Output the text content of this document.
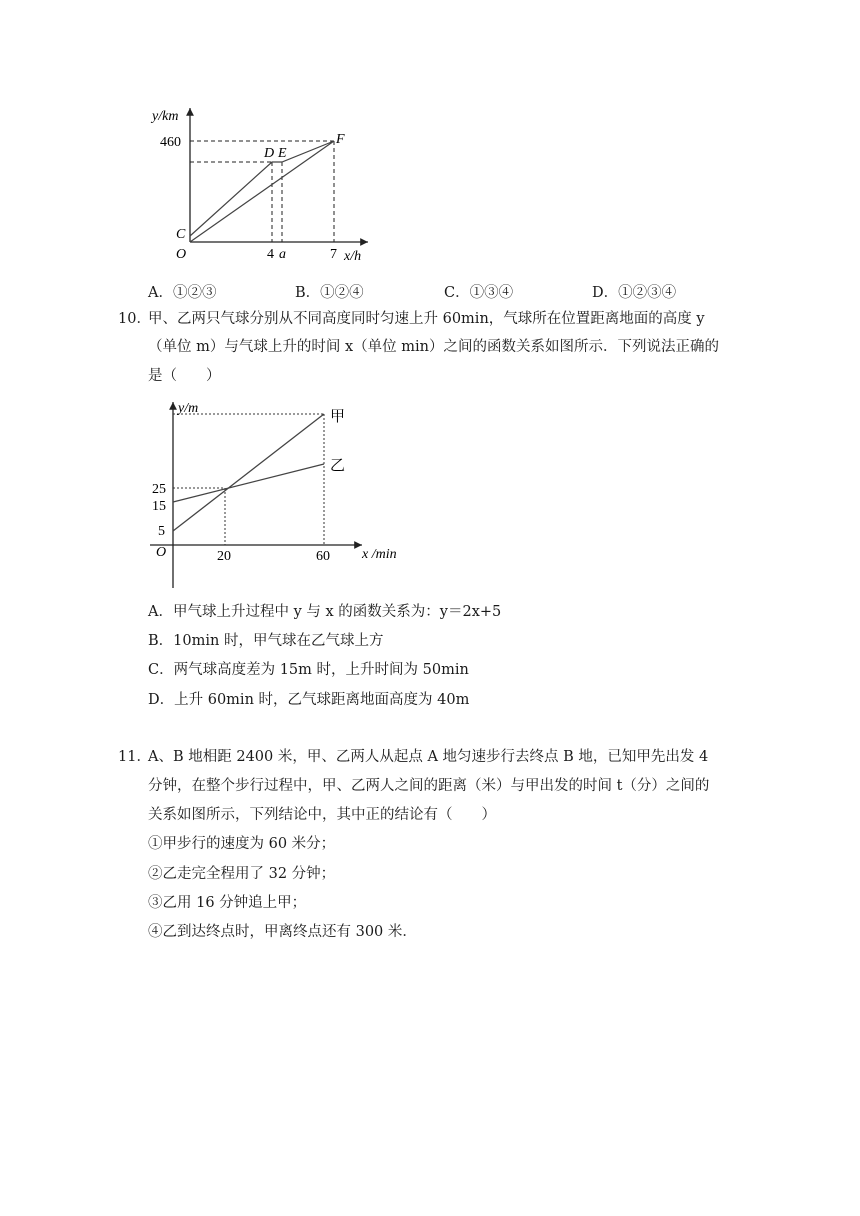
y/km
460
D E
F
C
O	4 a	7 x/h
A．①②③	B．①②④	C．①③④	D．①②③④
10．
甲、乙两只气球分别从不同高度同时匀速上升 60min，气球所在位置距离地面的高度 y
（单位 m）与气球上升的时间 x（单位 min）之间的函数关系如图所示．下列说法正确的
是（　　）
y/m
甲
乙
25
15
5
O	20	60 x /min
A．甲气球上升过程中 y 与 x 的函数关系为：y＝2x+5
B．10min 时，甲气球在乙气球上方
C．两气球高度差为 15m 时，上升时间为 50min
D．上升 60min 时，乙气球距离地面高度为 40m
11．
A、B 地相距 2400 米，甲、乙两人从起点 A 地匀速步行去终点 B 地，已知甲先出发 4
分钟，在整个步行过程中，甲、乙两人之间的距离（米）与甲出发的时间 t（分）之间的
关系如图所示，下列结论中，其中正的结论有（　　）
①甲步行的速度为 60 米分；
②乙走完全程用了 32 分钟；
③乙用 16 分钟追上甲；
④乙到达终点时，甲离终点还有 300 米．
